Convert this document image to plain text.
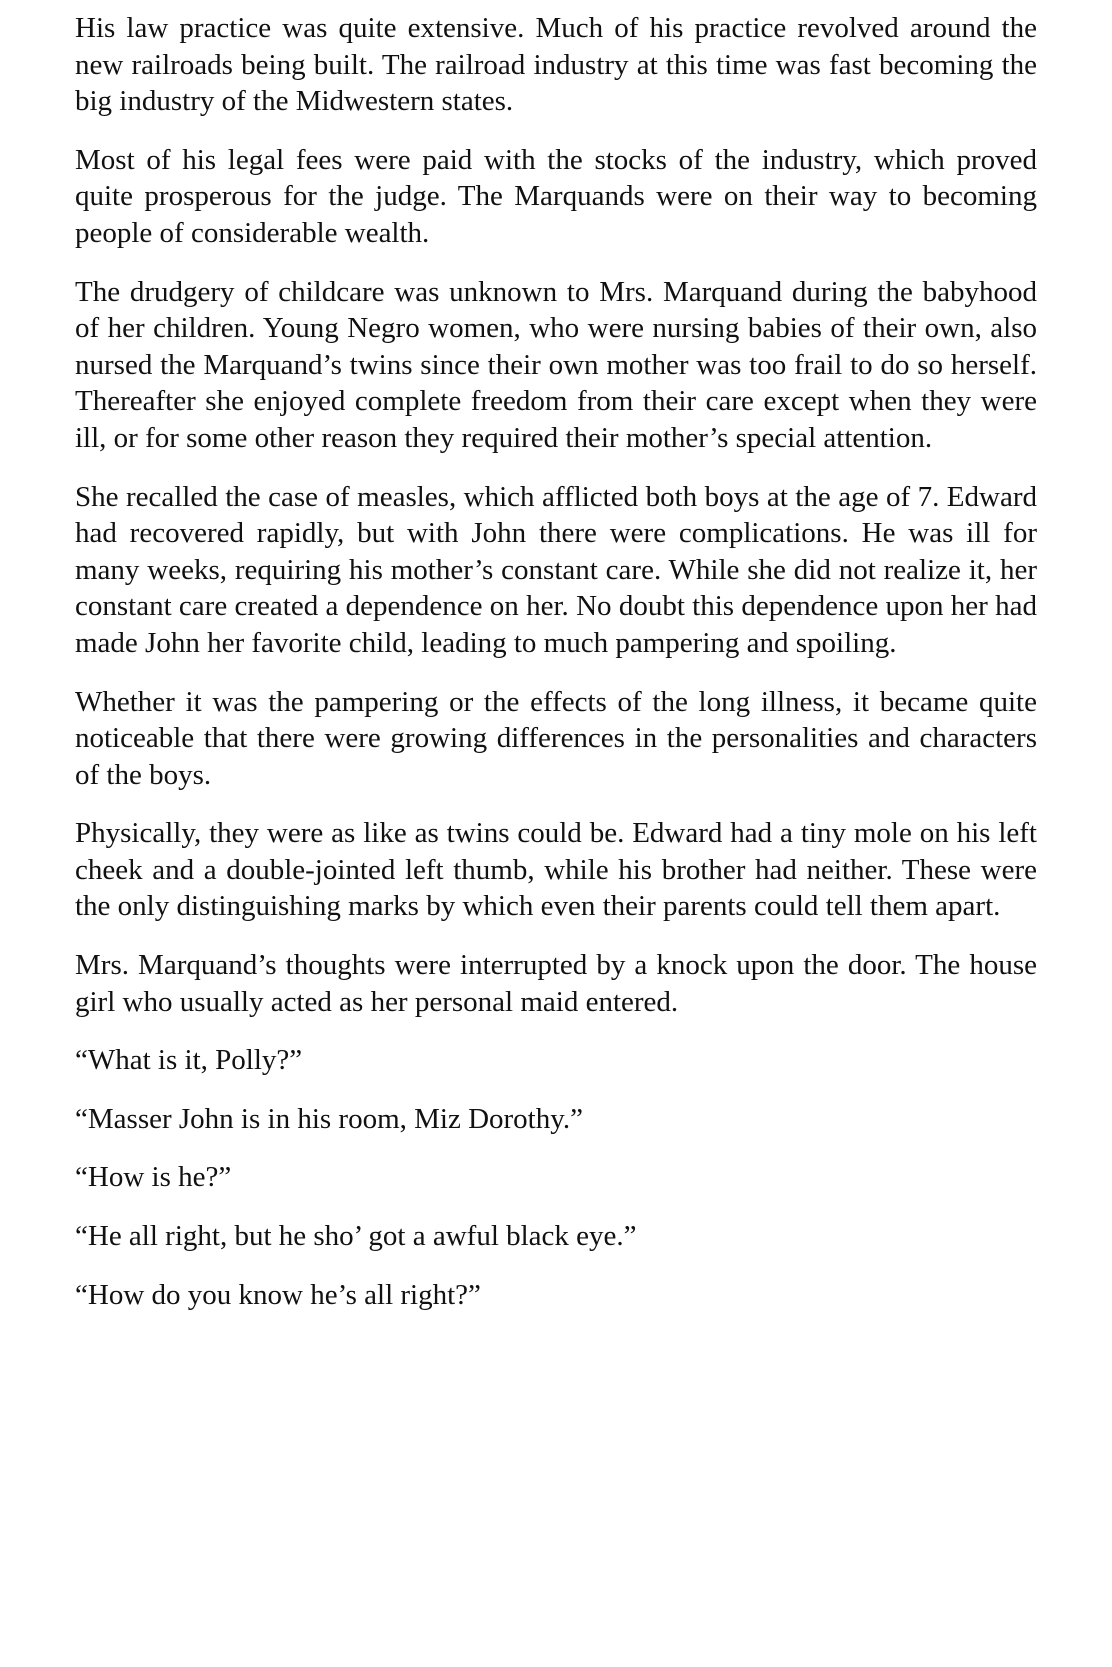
His law practice was quite extensive. Much of his practice revolved around the new railroads being built. The railroad industry at this time was fast becoming the big industry of the Midwestern states.

Most of his legal fees were paid with the stocks of the industry, which proved quite prosperous for the judge. The Marquands were on their way to becoming people of considerable wealth.

The drudgery of childcare was unknown to Mrs. Marquand during the babyhood of her children. Young Negro women, who were nursing babies of their own, also nursed the Marquand’s twins since their own mother was too frail to do so herself. Thereafter she enjoyed complete freedom from their care except when they were ill, or for some other reason they required their mother’s special attention.

She recalled the case of measles, which afflicted both boys at the age of 7. Edward had recovered rapidly, but with John there were complications. He was ill for many weeks, requiring his mother’s constant care. While she did not realize it, her constant care created a dependence on her. No doubt this dependence upon her had made John her favorite child, leading to much pampering and spoiling.

Whether it was the pampering or the effects of the long illness, it became quite noticeable that there were growing differences in the personalities and characters of the boys.

Physically, they were as like as twins could be. Edward had a tiny mole on his left cheek and a double-jointed left thumb, while his brother had neither. These were the only distinguishing marks by which even their parents could tell them apart.

Mrs. Marquand’s thoughts were interrupted by a knock upon the door. The house girl who usually acted as her personal maid entered.

“What is it, Polly?”

“Masser John is in his room, Miz Dorothy.”

“How is he?”

“He all right, but he sho’ got a awful black eye.”

“How do you know he’s all right?”
